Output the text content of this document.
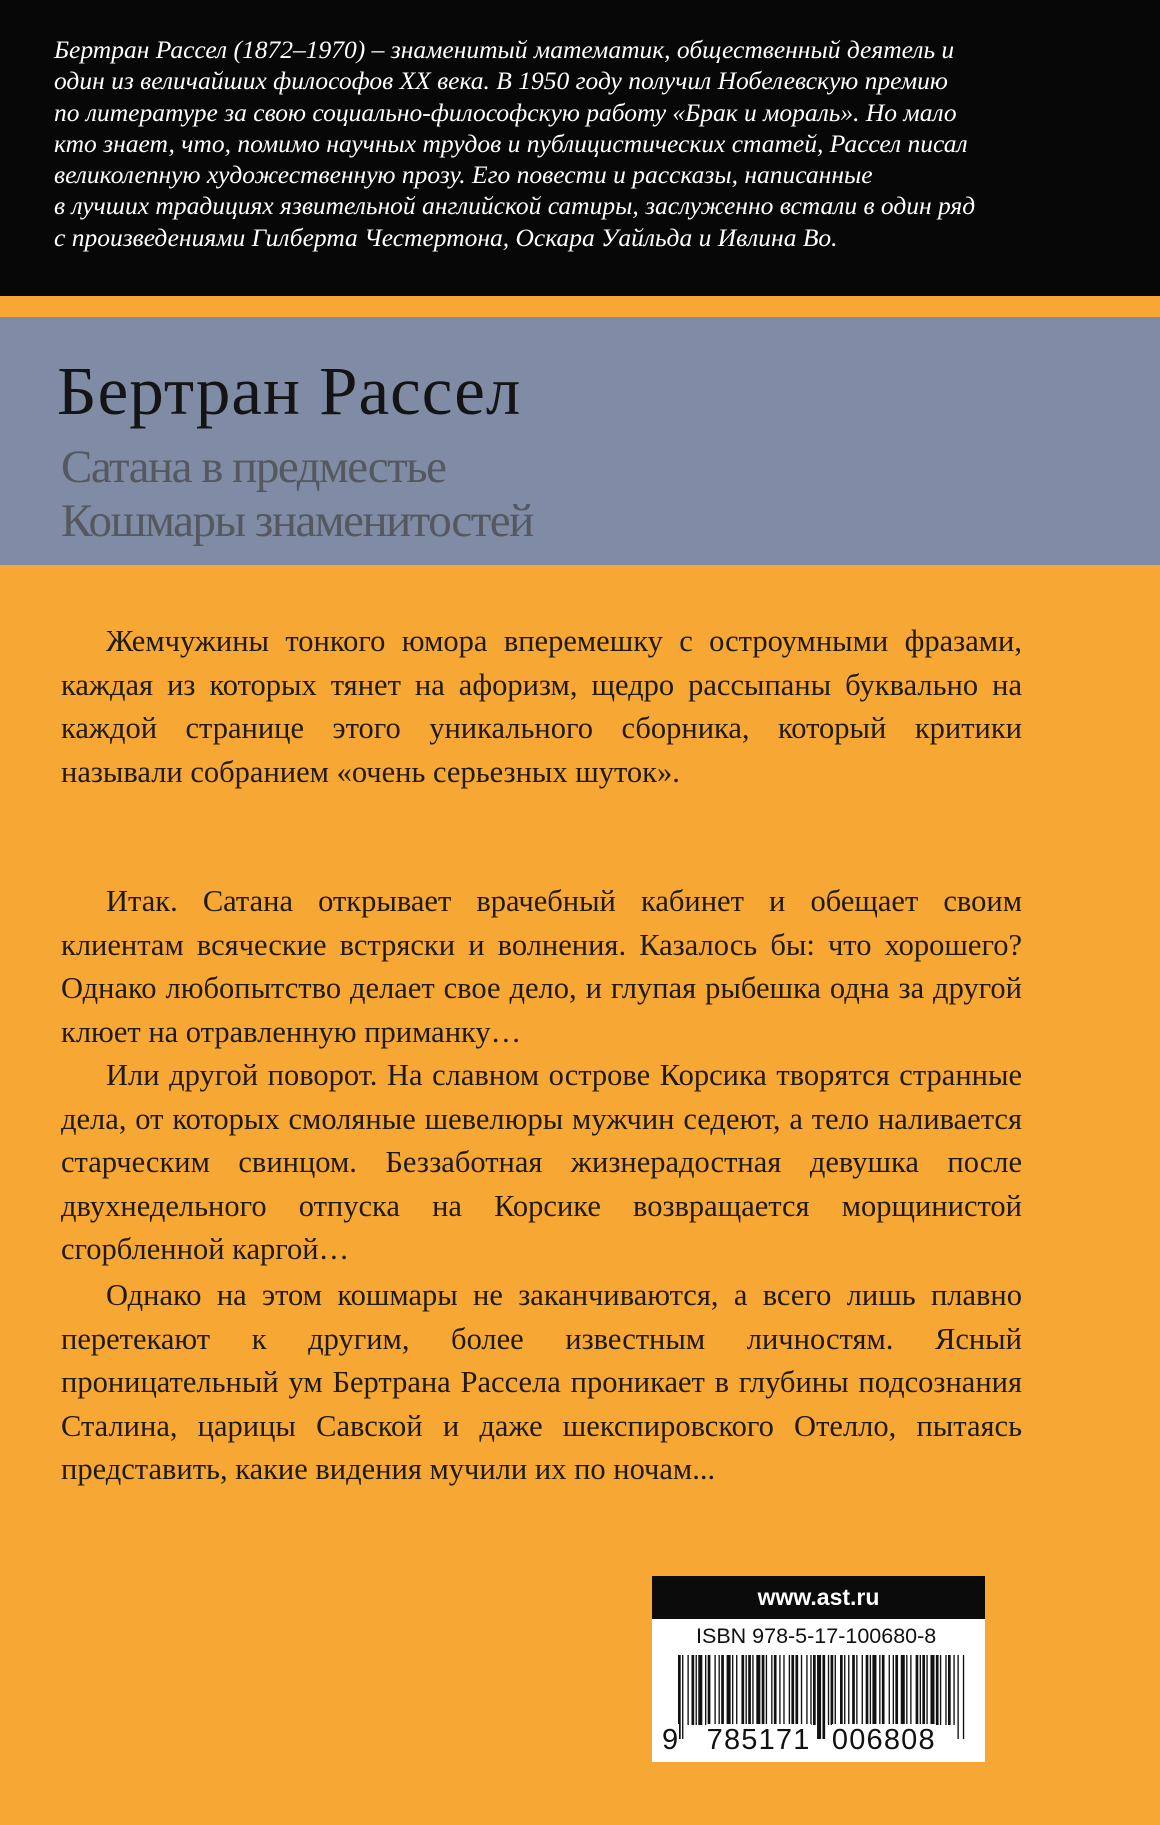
Бертран Рассел (1872–1970) – знаменитый математик, общественный деятель и
один из величайших философов XX века. В 1950 году получил Нобелевскую премию
по литературе за свою социально-философскую работу «Брак и мораль». Но мало
кто знает, что, помимо научных трудов и публицистических статей, Рассел писал
великолепную художественную прозу. Его повести и рассказы, написанные
в лучших традициях язвительной английской сатиры, заслуженно встали в один ряд
с произведениями Гилберта Честертона, Оскара Уайльда и Ивлина Во.

Бертран Рассел
Сатана в предместье
Кошмары знаменитостей

Жемчужины тонкого юмора вперемешку с остроумными фразами, каждая из которых тянет на афоризм, щедро рассыпаны буквально на каждой странице этого уникального сборника, который критики называли собранием «очень серьезных шуток».

Итак. Сатана открывает врачебный кабинет и обещает своим клиентам всяческие встряски и волнения. Казалось бы: что хорошего? Однако любопытство делает свое дело, и глупая рыбешка одна за другой клюет на отравленную приманку…

Или другой поворот. На славном острове Корсика творятся странные дела, от которых смоляные шевелюры мужчин седеют, а тело наливается старческим свинцом. Беззаботная жизнерадостная девушка после двухнедельного отпуска на Корсике возвращается морщинистой сгорбленной каргой…

Однако на этом кошмары не заканчиваются, а всего лишь плавно перетекают к другим, более известным личностям. Ясный проницательный ум Бертрана Рассела проникает в глубины подсознания Сталина, царицы Савской и даже шекспировского Отелло, пытаясь представить, какие видения мучили их по ночам...

www.ast.ru
ISBN 978-5-17-100680-8
9 785171 006808
